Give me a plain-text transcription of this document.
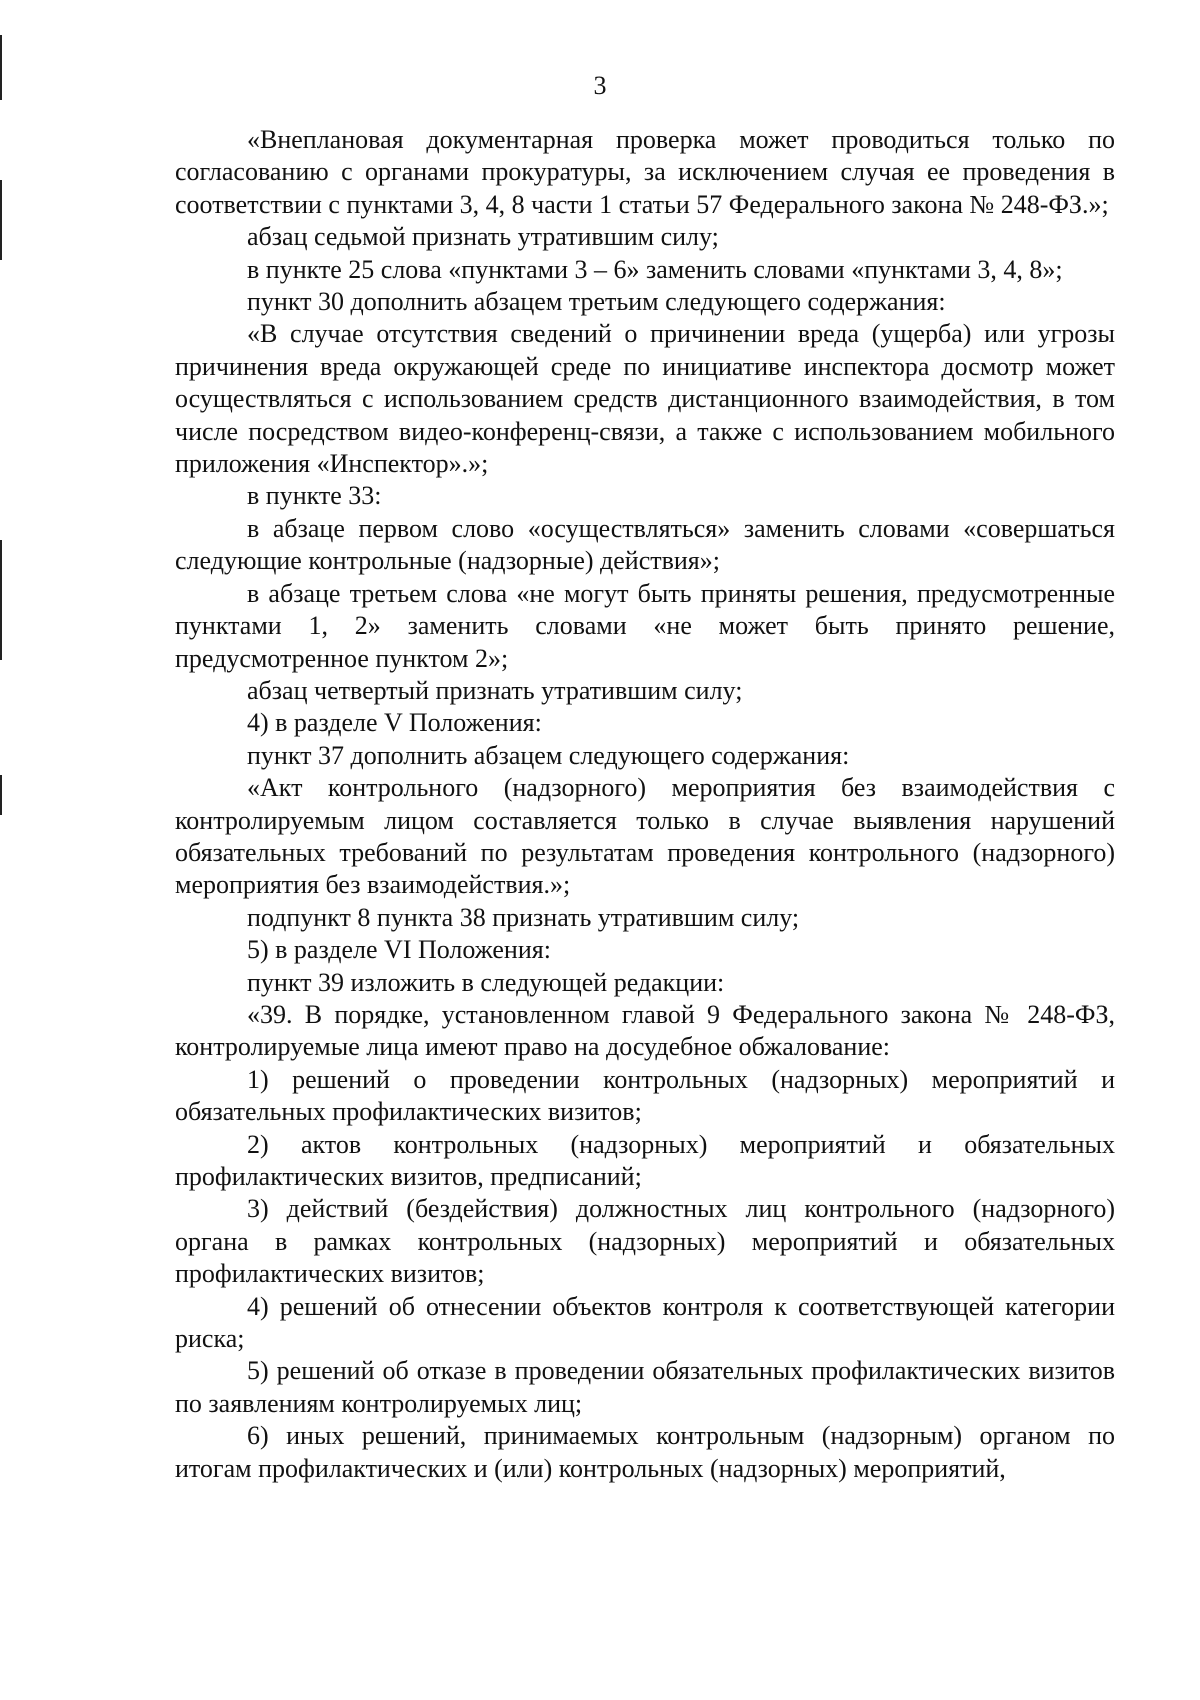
3

«Внеплановая документарная проверка может проводиться только по согласованию с органами прокуратуры, за исключением случая ее проведения в соответствии с пунктами 3, 4, 8 части 1 статьи 57 Федерального закона № 248-ФЗ.»;

абзац седьмой признать утратившим силу;

в пункте 25 слова «пунктами 3 – 6» заменить словами «пунктами 3, 4, 8»;

пункт 30 дополнить абзацем третьим следующего содержания:

«В случае отсутствия сведений о причинении вреда (ущерба) или угрозы причинения вреда окружающей среде по инициативе инспектора досмотр может осуществляться с использованием средств дистанционного взаимодействия, в том числе посредством видео-конференц-связи, а также с использованием мобильного приложения «Инспектор».»;

в пункте 33:

в абзаце первом слово «осуществляться» заменить словами «совершаться следующие контрольные (надзорные) действия»;

в абзаце третьем слова «не могут быть приняты решения, предусмотренные пунктами 1, 2» заменить словами «не может быть принято решение, предусмотренное пунктом 2»;

абзац четвертый признать утратившим силу;

4) в разделе V Положения:

пункт 37 дополнить абзацем следующего содержания:

«Акт контрольного (надзорного) мероприятия без взаимодействия с контролируемым лицом составляется только в случае выявления нарушений обязательных требований по результатам проведения контрольного (надзорного) мероприятия без взаимодействия.»;

подпункт 8 пункта 38 признать утратившим силу;

5) в разделе VI Положения:

пункт 39 изложить в следующей редакции:

«39. В порядке, установленном главой 9 Федерального закона № 248-ФЗ, контролируемые лица имеют право на досудебное обжалование:

1) решений о проведении контрольных (надзорных) мероприятий и обязательных профилактических визитов;

2) актов контрольных (надзорных) мероприятий и обязательных профилактических визитов, предписаний;

3) действий (бездействия) должностных лиц контрольного (надзорного) органа в рамках контрольных (надзорных) мероприятий и обязательных профилактических визитов;

4) решений об отнесении объектов контроля к соответствующей категории риска;

5) решений об отказе в проведении обязательных профилактических визитов по заявлениям контролируемых лиц;

6) иных решений, принимаемых контрольным (надзорным) органом по итогам профилактических и (или) контрольных (надзорных) мероприятий,
